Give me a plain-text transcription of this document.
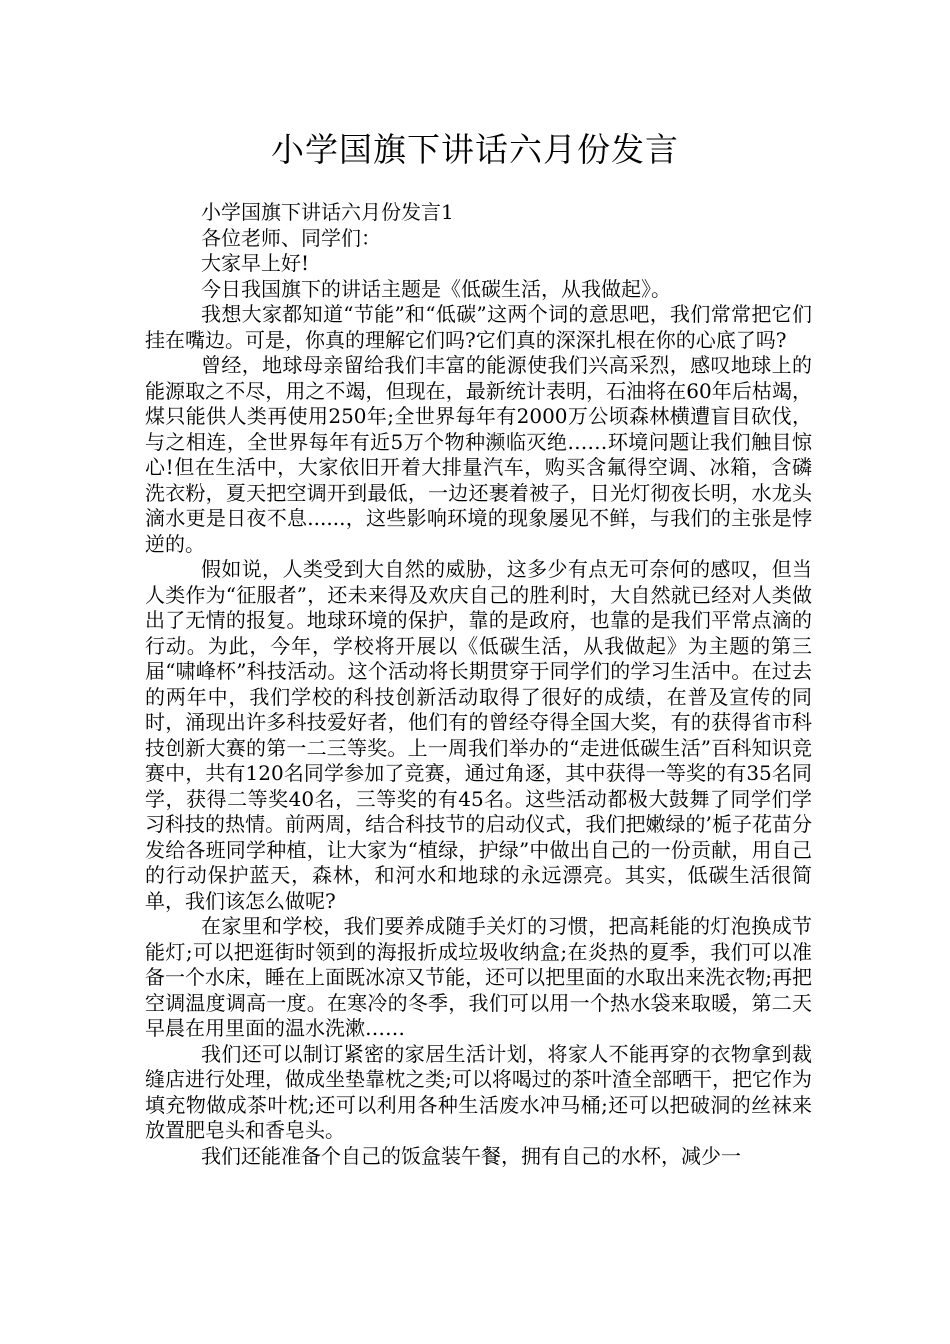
小学国旗下讲话六月份发言

小学国旗下讲话六月份发言1

各位老师、同学们：

大家早上好!

今日我国旗下的讲话主题是《低碳生活，从我做起》。

我想大家都知道“节能”和“低碳”这两个词的意思吧，我们常常把它们挂在嘴边。可是，你真的理解它们吗?它们真的深深扎根在你的心底了吗?

曾经，地球母亲留给我们丰富的能源使我们兴高采烈，感叹地球上的能源取之不尽，用之不竭，但现在，最新统计表明，石油将在60年后枯竭，煤只能供人类再使用250年;全世界每年有2000万公顷森林横遭盲目砍伐，与之相连，全世界每年有近5万个物种濒临灭绝……环境问题让我们触目惊心!但在生活中，大家依旧开着大排量汽车，购买含氟得空调、冰箱，含磷洗衣粉，夏天把空调开到最低，一边还裹着被子，日光灯彻夜长明，水龙头滴水更是日夜不息......，这些影响环境的现象屡见不鲜，与我们的主张是悖逆的。

假如说，人类受到大自然的威胁，这多少有点无可奈何的感叹，但当人类作为“征服者”，还未来得及欢庆自己的胜利时，大自然就已经对人类做出了无情的报复。地球环境的保护，靠的是政府，也靠的是我们平常点滴的行动。为此，今年，学校将开展以《低碳生活，从我做起》为主题的第三届“啸峰杯”科技活动。这个活动将长期贯穿于同学们的学习生活中。在过去的两年中，我们学校的科技创新活动取得了很好的成绩，在普及宣传的同时，涌现出许多科技爱好者，他们有的曾经夺得全国大奖，有的获得省市科技创新大赛的第一二三等奖。上一周我们举办的“走进低碳生活”百科知识竞赛中，共有120名同学参加了竞赛，通过角逐，其中获得一等奖的有35名同学，获得二等奖40名，三等奖的有45名。这些活动都极大鼓舞了同学们学习科技的热情。前两周，结合科技节的启动仪式，我们把嫩绿的’栀子花苗分发给各班同学种植，让大家为“植绿，护绿”中做出自己的一份贡献，用自己的行动保护蓝天，森林，和河水和地球的永远漂亮。其实，低碳生活很简单，我们该怎么做呢?

在家里和学校，我们要养成随手关灯的习惯，把高耗能的灯泡换成节能灯;可以把逛街时领到的海报折成垃圾收纳盒;在炎热的夏季，我们可以准备一个水床，睡在上面既冰凉又节能，还可以把里面的水取出来洗衣物;再把空调温度调高一度。在寒冷的冬季，我们可以用一个热水袋来取暖，第二天早晨在用里面的温水洗漱……

我们还可以制订紧密的家居生活计划，将家人不能再穿的衣物拿到裁缝店进行处理，做成坐垫靠枕之类;可以将喝过的茶叶渣全部晒干，把它作为填充物做成茶叶枕;还可以利用各种生活废水冲马桶;还可以把破洞的丝袜来放置肥皂头和香皂头。

我们还能准备个自己的饭盒装午餐，拥有自己的水杯，减少一
